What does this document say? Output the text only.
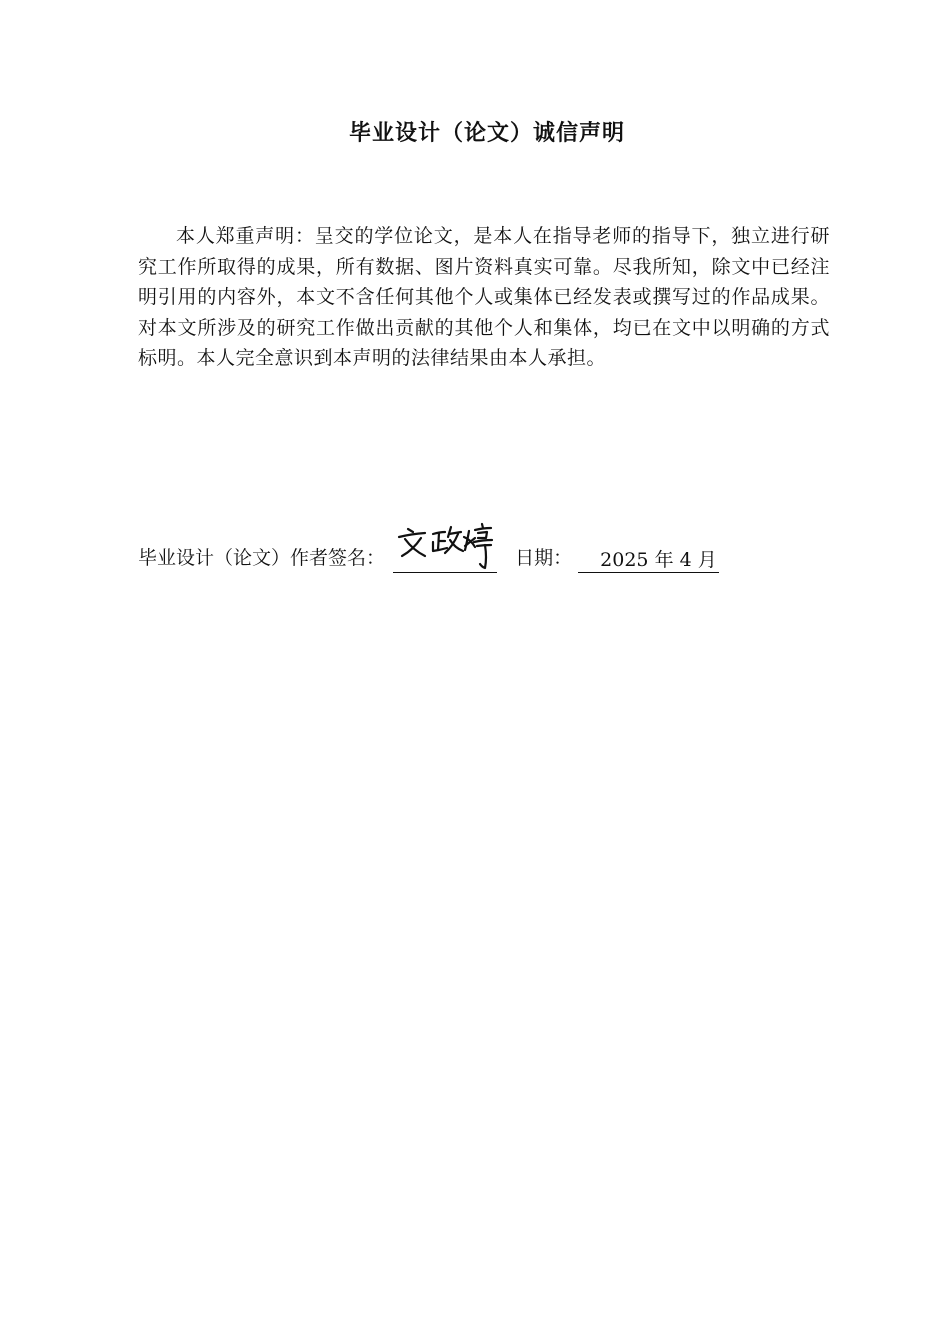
毕业设计（论文）诚信声明
本人郑重声明：呈交的学位论文，是本人在指导老师的指导下，独立进行研究工作所取得的成果，所有数据、图片资料真实可靠。尽我所知，除文中已经注明引用的内容外，本文不含任何其他个人或集体已经发表或撰写过的作品成果。对本文所涉及的研究工作做出贡献的其他个人和集体，均已在文中以明确的方式标明。本人完全意识到本声明的法律结果由本人承担。
毕业设计（论文）作者签名：	日期： 2025 年 4 月
